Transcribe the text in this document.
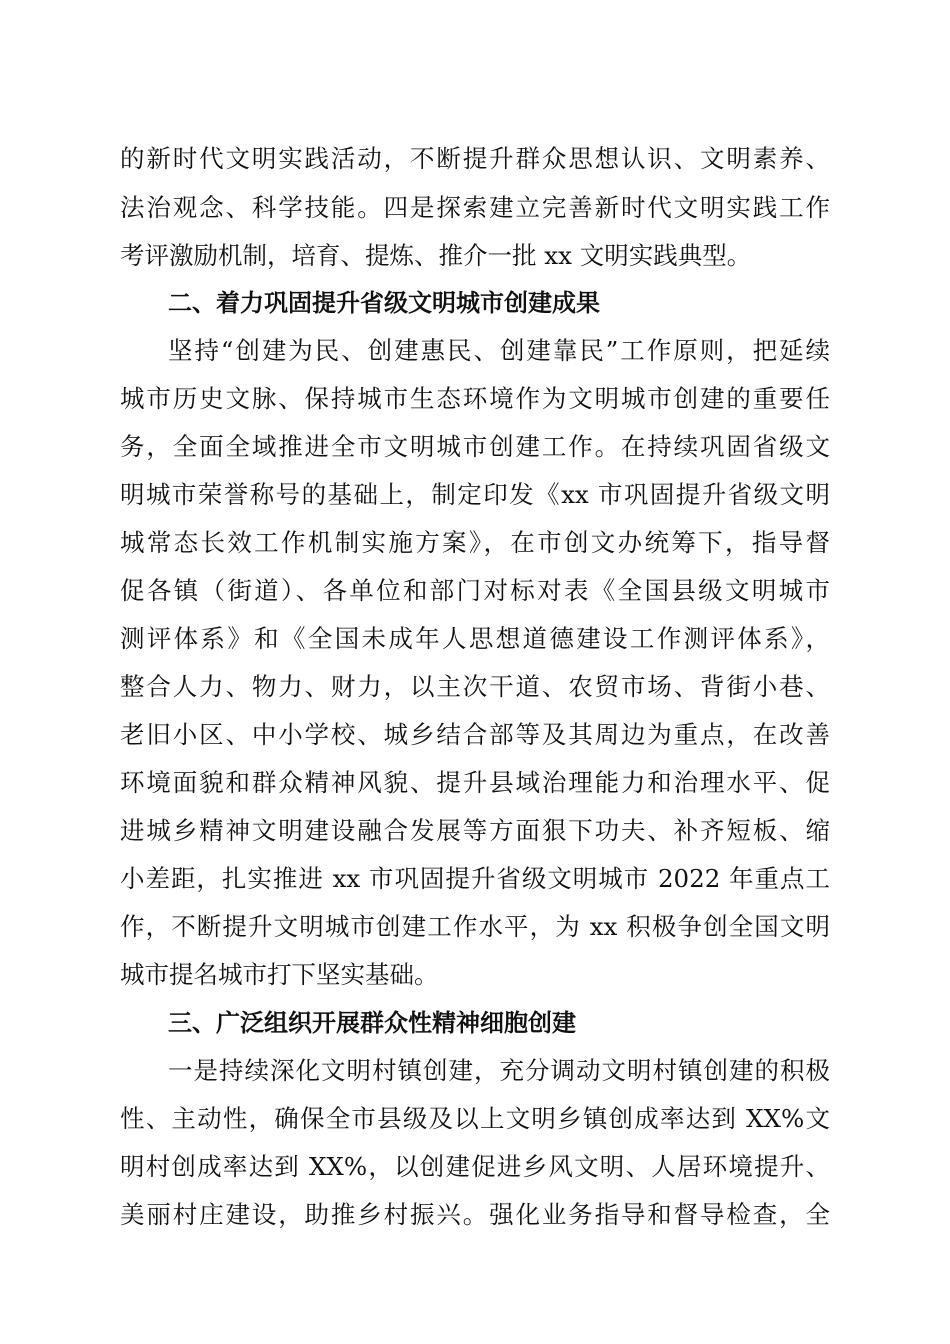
的新时代文明实践活动，不断提升群众思想认识、文明素养、
法治观念、科学技能。四是探索建立完善新时代文明实践工作
考评激励机制，培育、提炼、推介一批 xx 文明实践典型。
二、着力巩固提升省级文明城市创建成果
坚持“创建为民、创建惠民、创建靠民”工作原则，把延续
城市历史文脉、保持城市生态环境作为文明城市创建的重要任
务，全面全域推进全市文明城市创建工作。在持续巩固省级文
明城市荣誉称号的基础上，制定印发《xx 市巩固提升省级文明
城常态长效工作机制实施方案》，在市创文办统筹下，指导督
促各镇（街道）、各单位和部门对标对表《全国县级文明城市
测评体系》和《全国未成年人思想道德建设工作测评体系》，
整合人力、物力、财力，以主次干道、农贸市场、背街小巷、
老旧小区、中小学校、城乡结合部等及其周边为重点，在改善
环境面貌和群众精神风貌、提升县域治理能力和治理水平、促
进城乡精神文明建设融合发展等方面狠下功夫、补齐短板、缩
小差距，扎实推进 xx 市巩固提升省级文明城市 2022 年重点工
作，不断提升文明城市创建工作水平，为 xx 积极争创全国文明
城市提名城市打下坚实基础。
三、广泛组织开展群众性精神细胞创建
一是持续深化文明村镇创建，充分调动文明村镇创建的积极
性、主动性，确保全市县级及以上文明乡镇创成率达到 XX%文
明村创成率达到 XX%，以创建促进乡风文明、人居环境提升、
美丽村庄建设，助推乡村振兴。强化业务指导和督导检查，全
